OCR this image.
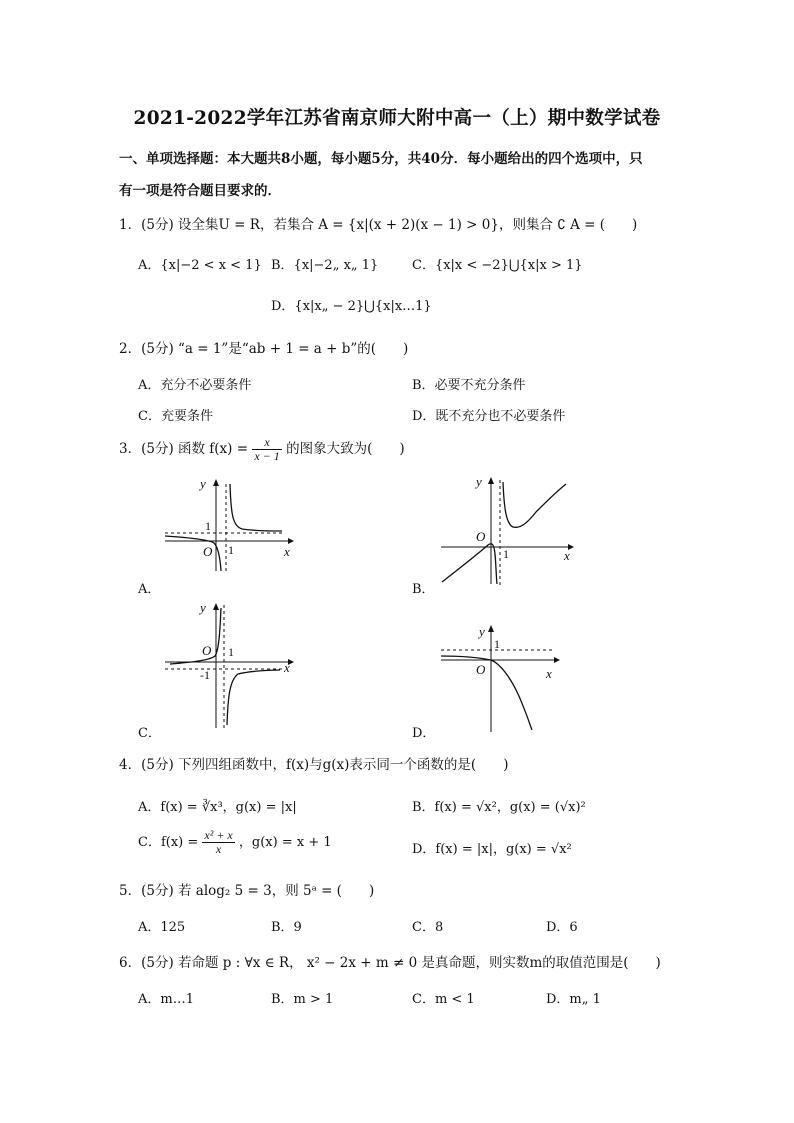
2021-2022学年江苏省南京师大附中高一（上）期中数学试卷
一、单项选择题：本大题共8小题，每小题5分，共40分．每小题给出的四个选项中，只
有一项是符合题目要求的．
1．(5分) 设全集U = R，若集合 A = {x|(x + 2)(x − 1) > 0}，则集合 ∁ A = (　　)
A．{x|−2 < x < 1} B．{x|−2„ x„ 1}	C．{x|x < −2}⋃{x|x > 1}
D．{x|x„ − 2}⋃{x|x…1}
2．(5分) “a = 1”是“ab + 1 = a + b”的(　　)
A．充分不必要条件	B．必要不充分条件
C．充要条件	D．既不充分也不必要条件
3．(5分) 函数 $f(x) = \frac{x}{x - 1}$ 的图象大致为(　　)
y
x
O
1
1
A．
y
x
O
1
B．
y
x
O 1
-1
C．
y
x
O
1
D．
4．(5分) 下列四组函数中，f(x)与g(x)表示同一个函数的是(　　)
A．f(x) = ∛x³，g(x) = |x|	B．f(x) = √x²，g(x) = (√x)²
C．$f(x) = \frac{\text{x² + x}}{x}$ ，g(x) = x + 1	D．f(x) = |x|，g(x) = √x²
5．(5分) 若 alog₂ 5 = 3，则 5ᵃ = (　　)
A．125	B．9	C．8	D．6
6．(5分) 若命题 p : ∀x ∈ R， x² − 2x + m ≠ 0 是真命题，则实数m的取值范围是(　　)
A．m…1	B．m > 1	C．m < 1	D．m„ 1
